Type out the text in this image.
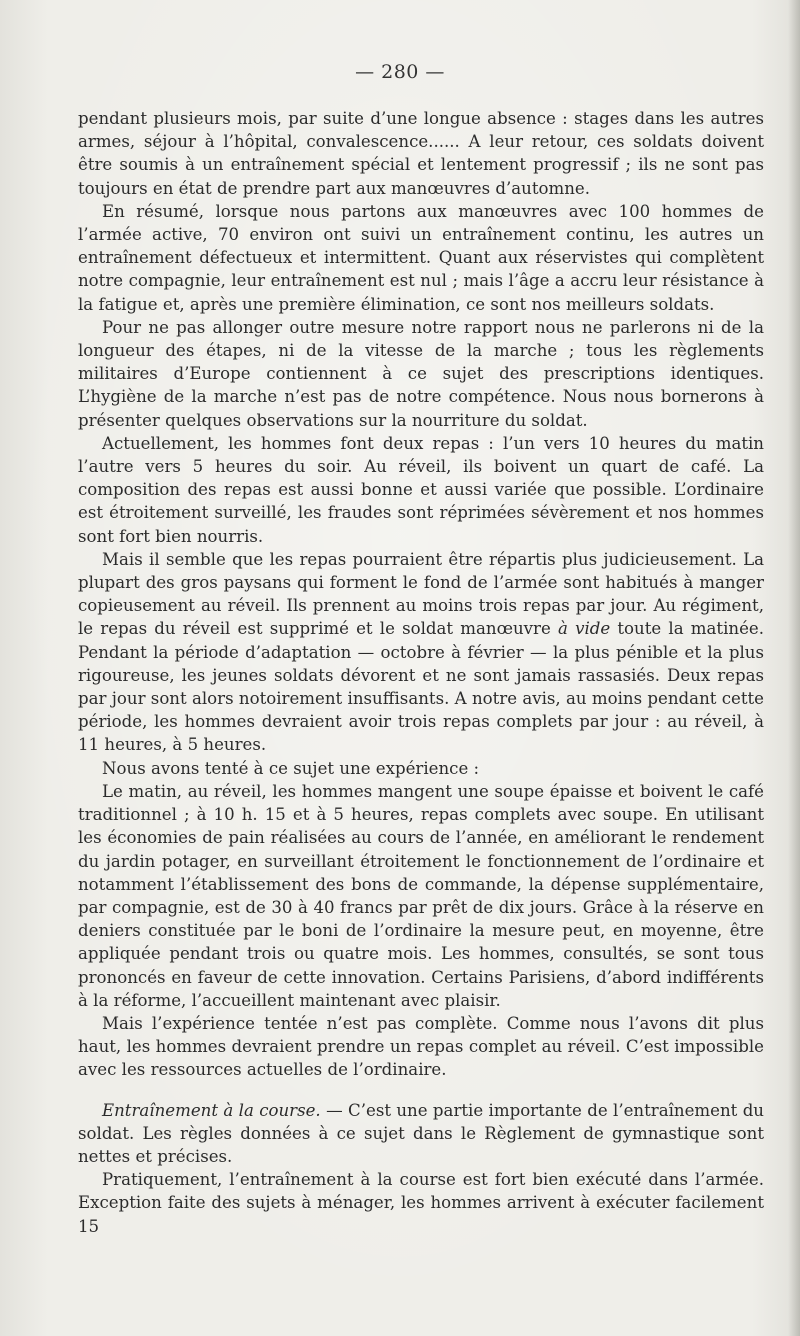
— 280 —

pendant plusieurs mois, par suite d’une longue absence : stages dans les autres armes, séjour à l’hôpital, convalescence...... A leur retour, ces soldats doivent être soumis à un entraînement spécial et lentement progressif ; ils ne sont pas toujours en état de prendre part aux manœuvres d’automne.

En résumé, lorsque nous partons aux manœuvres avec 100 hommes de l’armée active, 70 environ ont suivi un entraînement continu, les autres un entraînement défectueux et intermittent. Quant aux réservistes qui complètent notre compagnie, leur entraînement est nul ; mais l’âge a accru leur résistance à la fatigue et, après une première élimination, ce sont nos meilleurs soldats.

Pour ne pas allonger outre mesure notre rapport nous ne parlerons ni de la longueur des étapes, ni de la vitesse de la marche ; tous les règlements militaires d’Europe contiennent à ce sujet des prescriptions identiques. L’hygiène de la marche n’est pas de notre compétence. Nous nous bornerons à présenter quelques observations sur la nourriture du soldat.

Actuellement, les hommes font deux repas : l’un vers 10 heures du matin l’autre vers 5 heures du soir. Au réveil, ils boivent un quart de café. La composition des repas est aussi bonne et aussi variée que possible. L’ordinaire est étroitement surveillé, les fraudes sont réprimées sévèrement et nos hommes sont fort bien nourris.

Mais il semble que les repas pourraient être répartis plus judicieusement. La plupart des gros paysans qui forment le fond de l’armée sont habitués à manger copieusement au réveil. Ils prennent au moins trois repas par jour. Au régiment, le repas du réveil est supprimé et le soldat manœuvre à vide toute la matinée. Pendant la période d’adaptation — octobre à février — la plus pénible et la plus rigoureuse, les jeunes soldats dévorent et ne sont jamais rassasiés. Deux repas par jour sont alors notoirement insuffisants. A notre avis, au moins pendant cette période, les hommes devraient avoir trois repas complets par jour : au réveil, à 11 heures, à 5 heures.

Nous avons tenté à ce sujet une expérience :

Le matin, au réveil, les hommes mangent une soupe épaisse et boivent le café traditionnel ; à 10 h. 15 et à 5 heures, repas complets avec soupe. En utilisant les économies de pain réalisées au cours de l’année, en améliorant le rendement du jardin potager, en surveillant étroitement le fonctionnement de l’ordinaire et notamment l’établissement des bons de commande, la dépense supplémentaire, par compagnie, est de 30 à 40 francs par prêt de dix jours. Grâce à la réserve en deniers constituée par le boni de l’ordinaire la mesure peut, en moyenne, être appliquée pendant trois ou quatre mois. Les hommes, consultés, se sont tous prononcés en faveur de cette innovation. Certains Parisiens, d’abord indifférents à la réforme, l’accueillent maintenant avec plaisir.

Mais l’expérience tentée n’est pas complète. Comme nous l’avons dit plus haut, les hommes devraient prendre un repas complet au réveil. C’est impossible avec les ressources actuelles de l’ordinaire.

Entraînement à la course. — C’est une partie importante de l’entraînement du soldat. Les règles données à ce sujet dans le Règlement de gymnastique sont nettes et précises.

Pratiquement, l’entraînement à la course est fort bien exécuté dans l’armée. Exception faite des sujets à ménager, les hommes arrivent à exécuter facilement 15
